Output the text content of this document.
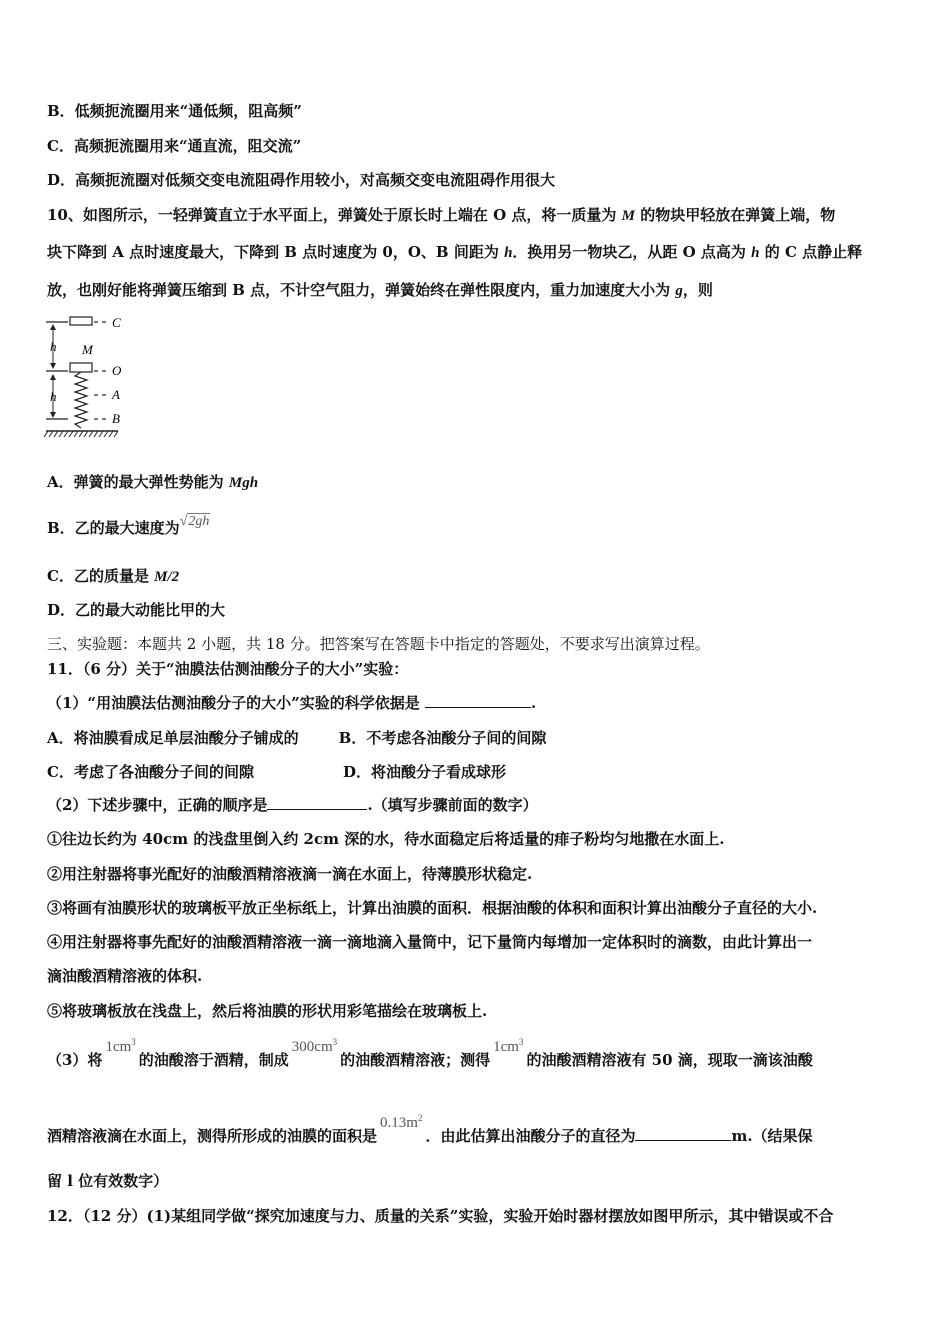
B．低频扼流圈用来“通低频，阻高频”
C．高频扼流圈用来“通直流，阻交流”
D．高频扼流圈对低频交变电流阻碍作用较小，对高频交变电流阻碍作用很大
10、如图所示，一轻弹簧直立于水平面上，弹簧处于原长时上端在 O 点，将一质量为 M 的物块甲轻放在弹簧上端，物
块下降到 A 点时速度最大，下降到 B 点时速度为 0，O、B 间距为 h．换用另一物块乙，从距 O 点高为 h 的 C 点静止释
放，也刚好能将弹簧压缩到 B 点，不计空气阻力，弹簧始终在弹性限度内，重力加速度大小为 g，则
C
h M
O
A
h
B
A．弹簧的最大弹性势能为 Mgh
B．乙的最大速度为√2gh
C．乙的质量是 M/2
D．乙的最大动能比甲的大
三、实验题：本题共 2 小题，共 18 分。把答案写在答题卡中指定的答题处，不要求写出演算过程。
11．（6 分）关于“油膜法估测油酸分子的大小”实验：
（1）“用油膜法估测油酸分子的大小”实验的科学依据是	.
A．将油膜看成足单层油酸分子铺成的	B．不考虑各油酸分子间的间隙
C．考虑了各油酸分子间的间隙	D．将油酸分子看成球形
（2）下述步骤中，正确的顺序是	.（填写步骤前面的数字）
①往边长约为 40cm 的浅盘里倒入约 2cm 深的水，待水面稳定后将适量的痱子粉均匀地撒在水面上.
②用注射器将事光配好的油酸酒精溶液滴一滴在水面上，待薄膜形状稳定.
③将画有油膜形状的玻璃板平放正坐标纸上，计算出油膜的面积．根据油酸的体积和面积计算出油酸分子直径的大小.
④用注射器将事先配好的油酸酒精溶液一滴一滴地滴入量筒中，记下量筒内每增加一定体积时的滴数，由此计算出一
滴油酸酒精溶液的体积.
⑤将玻璃板放在浅盘上，然后将油膜的形状用彩笔描绘在玻璃板上.
（3）将$1cm^3$的油酸溶于酒精，制成$300cm^3$的油酸酒精溶液；测得$1cm^3$的油酸酒精溶液有 50 滴，现取一滴该油酸
酒精溶液滴在水面上，测得所形成的油膜的面积是$0.13m^2$．由此估算出油酸分子的直径为	m.（结果保
留 l 位有效数字）
12．（12 分）(1)某组同学做“探究加速度与力、质量的关系”实验，实验开始时器材摆放如图甲所示，其中错误或不合
